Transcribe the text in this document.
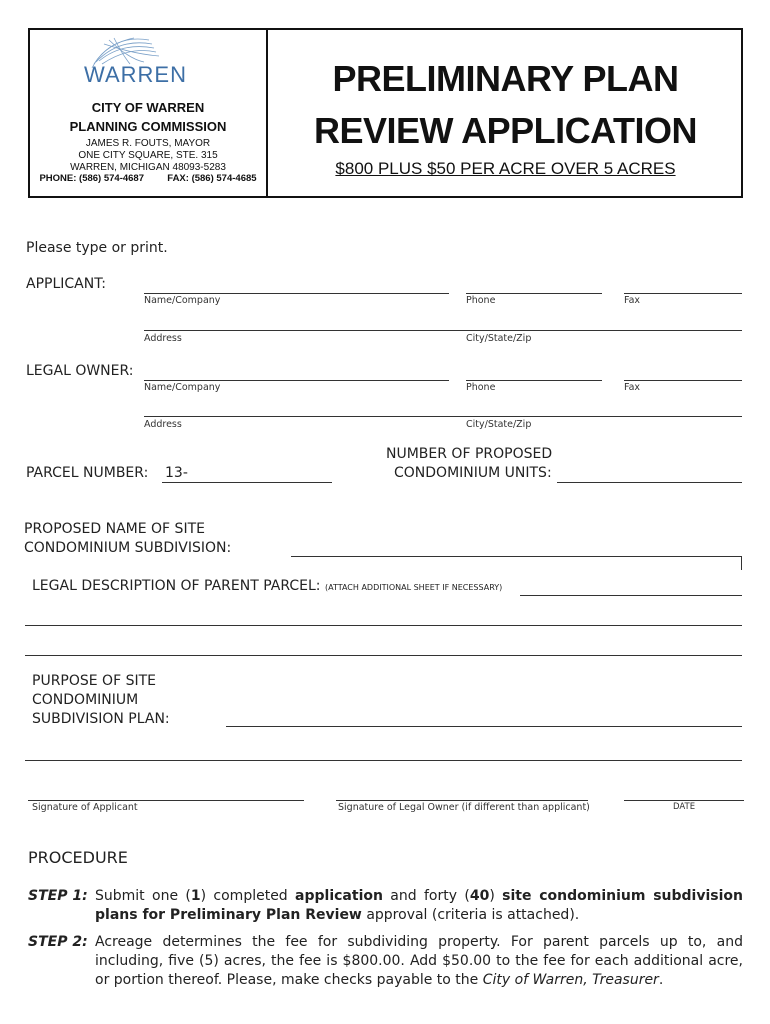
WARREN
CITY OF WARREN
PLANNING COMMISSION
JAMES R. FOUTS, MAYOR
ONE CITY SQUARE, STE. 315
WARREN, MICHIGAN 48093-5283
PHONE: (586) 574-4687 FAX: (586) 574-4685
PRELIMINARY PLAN
REVIEW APPLICATION
$800 PLUS $50 PER ACRE OVER 5 ACRES
Please type or print.
APPLICANT:
Name/Company	Phone	Fax
Address	City/State/Zip
LEGAL OWNER:
Name/Company	Phone	Fax
Address	City/State/Zip
PARCEL NUMBER: 13-
NUMBER OF PROPOSED
CONDOMINIUM UNITS:
PROPOSED NAME OF SITE
CONDOMINIUM SUBDIVISION:
LEGAL DESCRIPTION OF PARENT PARCEL: (ATTACH ADDITIONAL SHEET IF NECESSARY)
PURPOSE OF SITE
CONDOMINIUM
SUBDIVISION PLAN:
Signature of Applicant	Signature of Legal Owner (if different than applicant)	DATE
PROCEDURE
STEP 1: Submit one (1) completed application and forty (40) site condominium subdivision plans for Preliminary Plan Review approval (criteria is attached).
STEP 2: Acreage determines the fee for subdividing property. For parent parcels up to, and including, five (5) acres, the fee is $800.00. Add $50.00 to the fee for each additional acre, or portion thereof. Please, make checks payable to the City of Warren, Treasurer.
